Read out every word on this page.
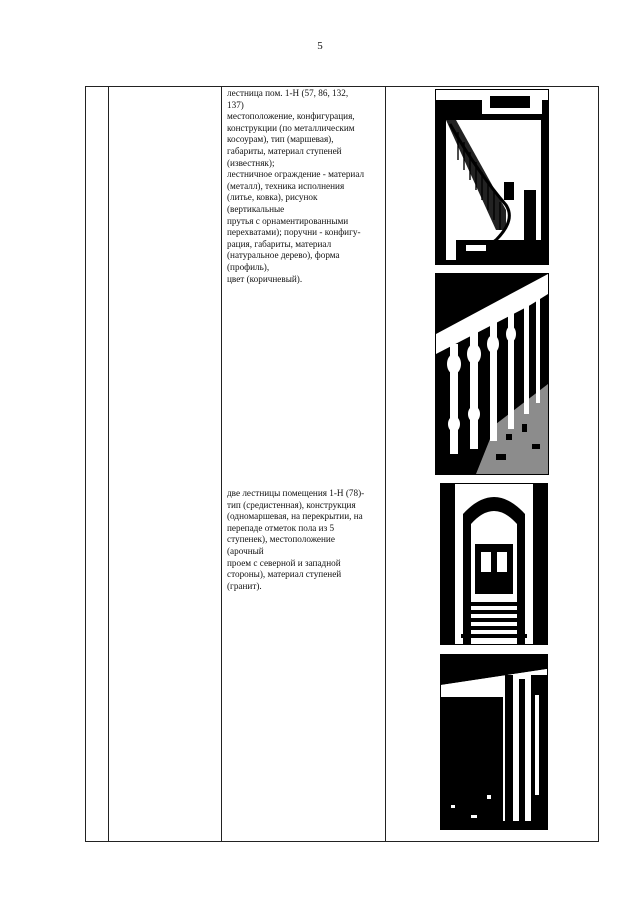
5
лестница пом. 1-Н (57, 86, 132,
137)
местоположение, конфигурация,
конструкции (по металлическим
косоурам), тип (маршевая),
габариты, материал ступеней
(известняк);
лестничное ограждение - материал
(металл), техника исполнения
(литье, ковка), рисунок
(вертикальные
прутья с орнаментированными
перехватами); поручни - конфигу-
рация, габариты, материал
(натуральное дерево), форма
(профиль),
цвет (коричневый).
две лестницы помещения 1-Н (78)-
тип (средистенная), конструкция
(одномаршевая, на перекрытии, на
перепаде отметок пола из 5
ступенек), местоположение
(арочный
проем с северной и западной
стороны), материал ступеней
(гранит).
